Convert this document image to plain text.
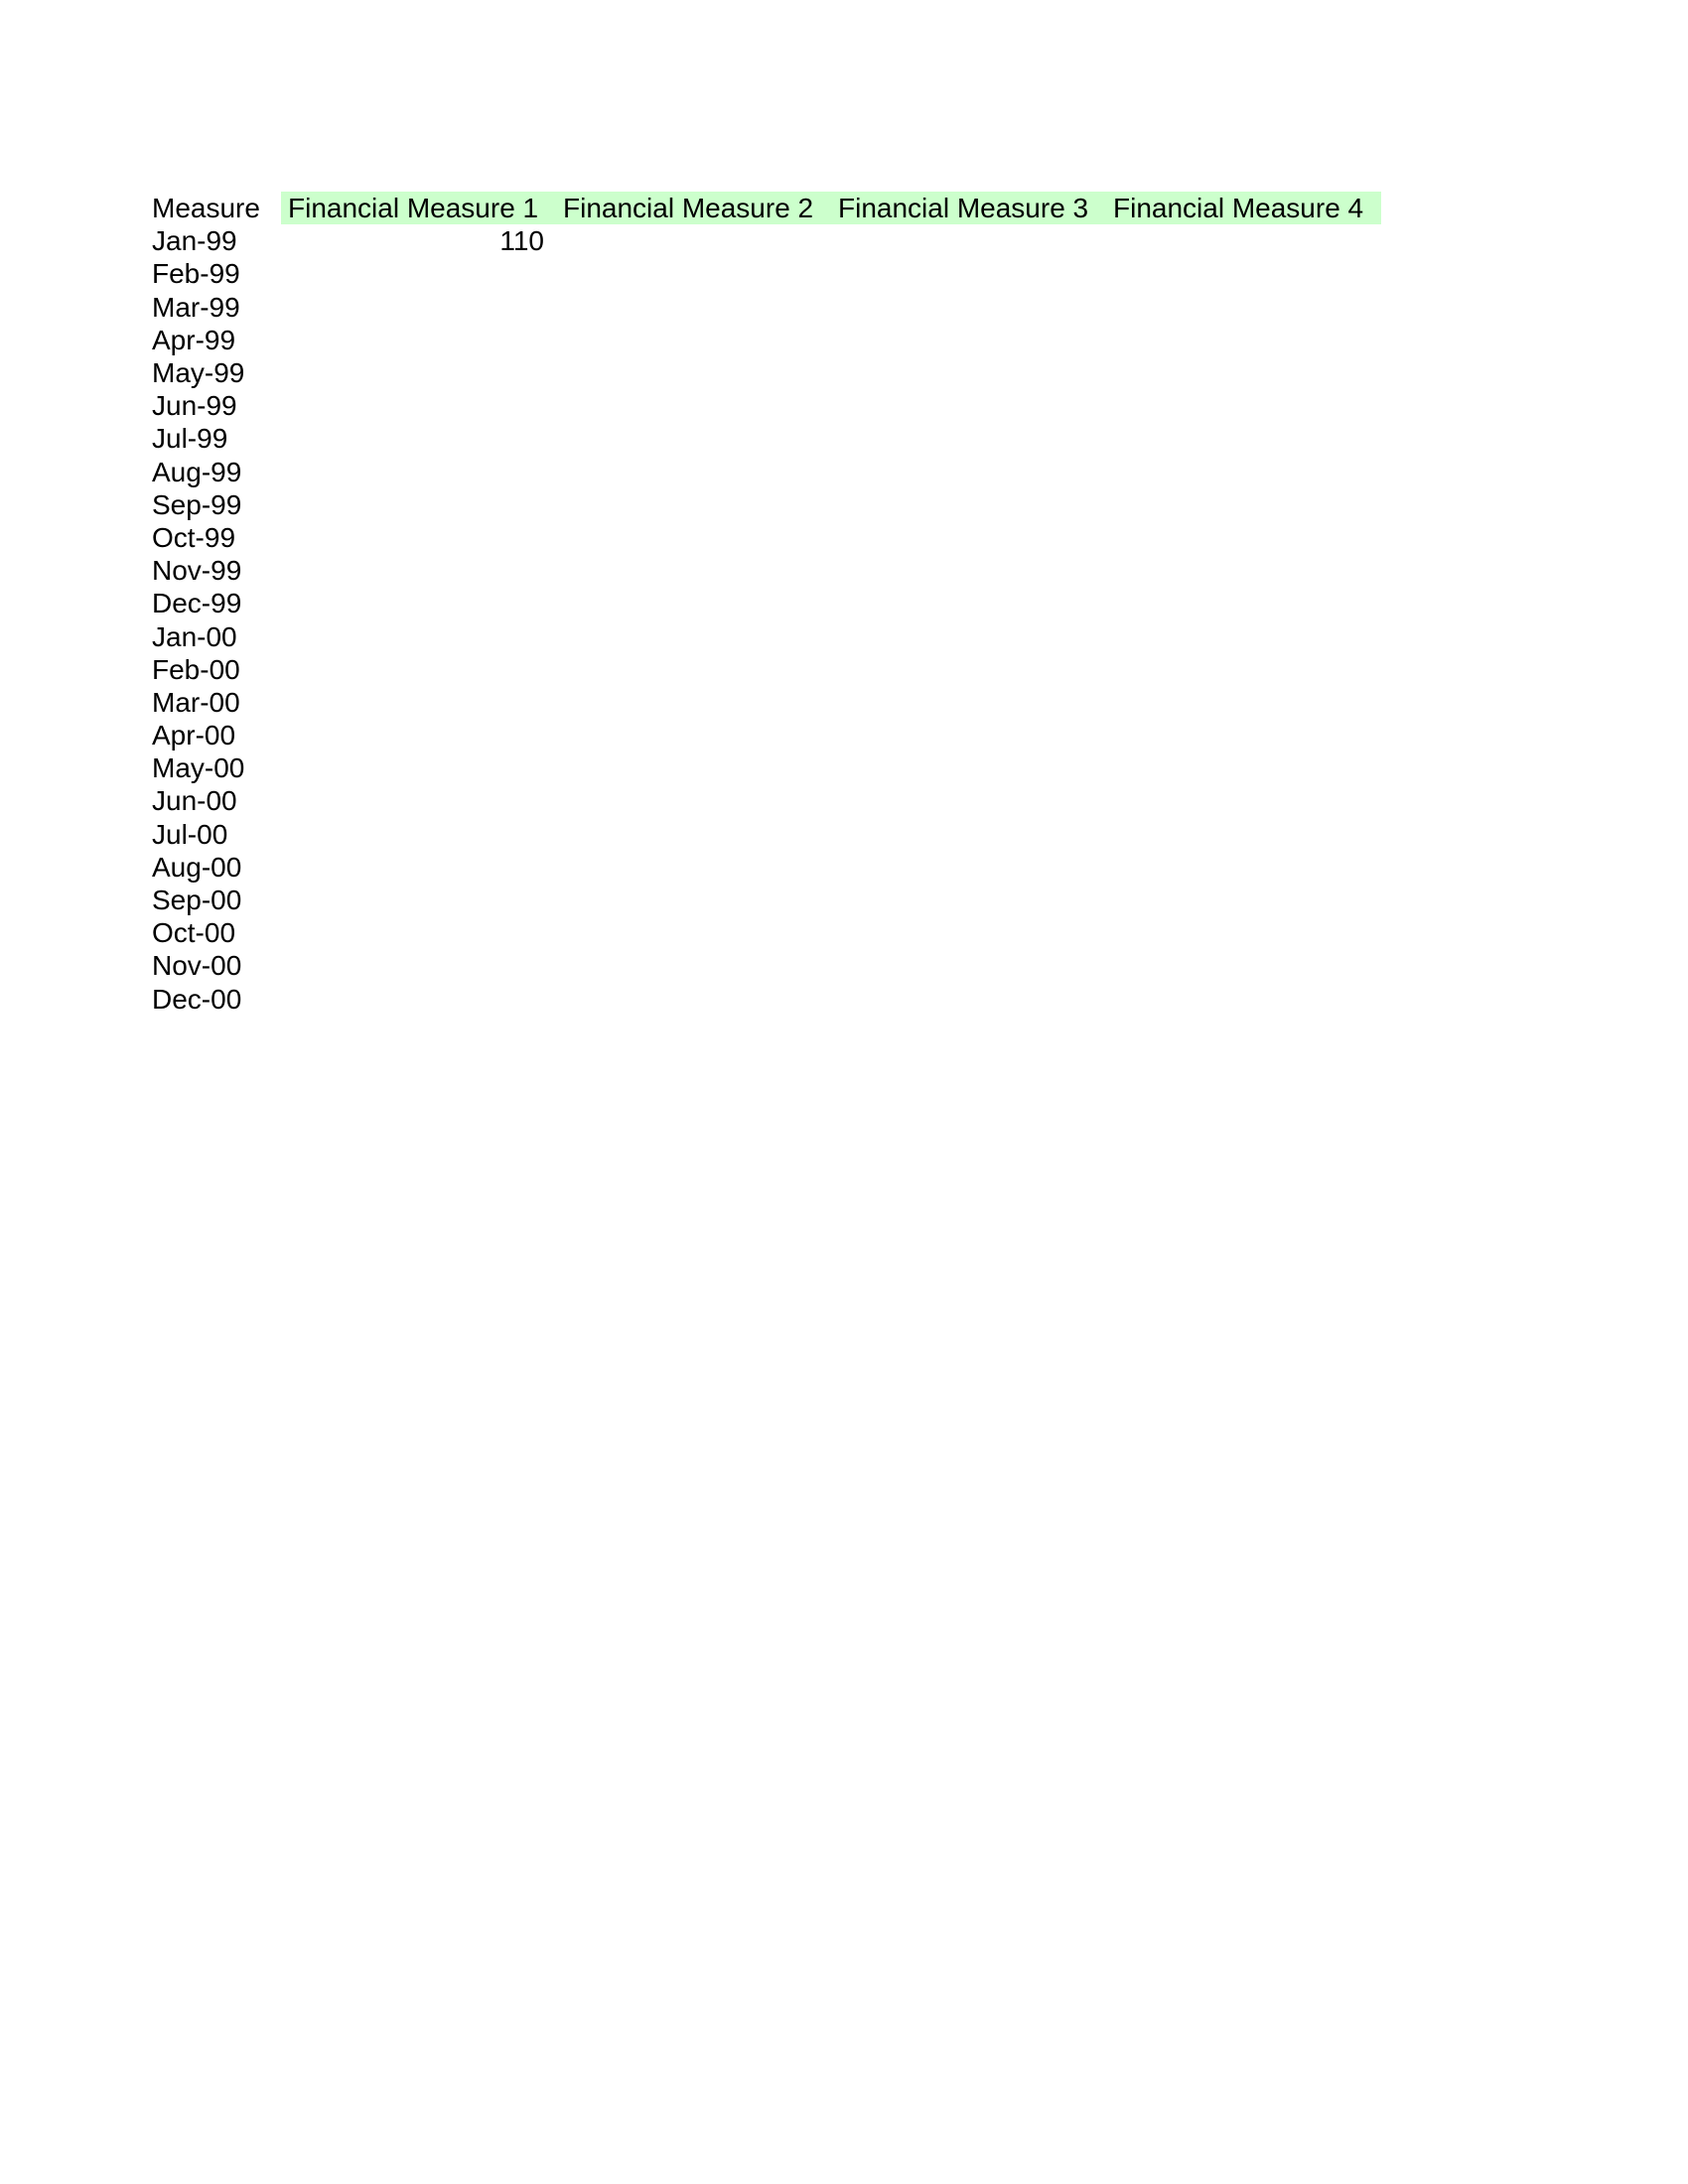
Measure	Financial Measure 1	Financial Measure 2	Financial Measure 3	Financial Measure 4
Jan-99	110			
Feb-99				
Mar-99				
Apr-99				
May-99				
Jun-99				
Jul-99				
Aug-99				
Sep-99				
Oct-99				
Nov-99				
Dec-99				
Jan-00				
Feb-00				
Mar-00				
Apr-00				
May-00				
Jun-00				
Jul-00				
Aug-00				
Sep-00				
Oct-00				
Nov-00				
Dec-00				
